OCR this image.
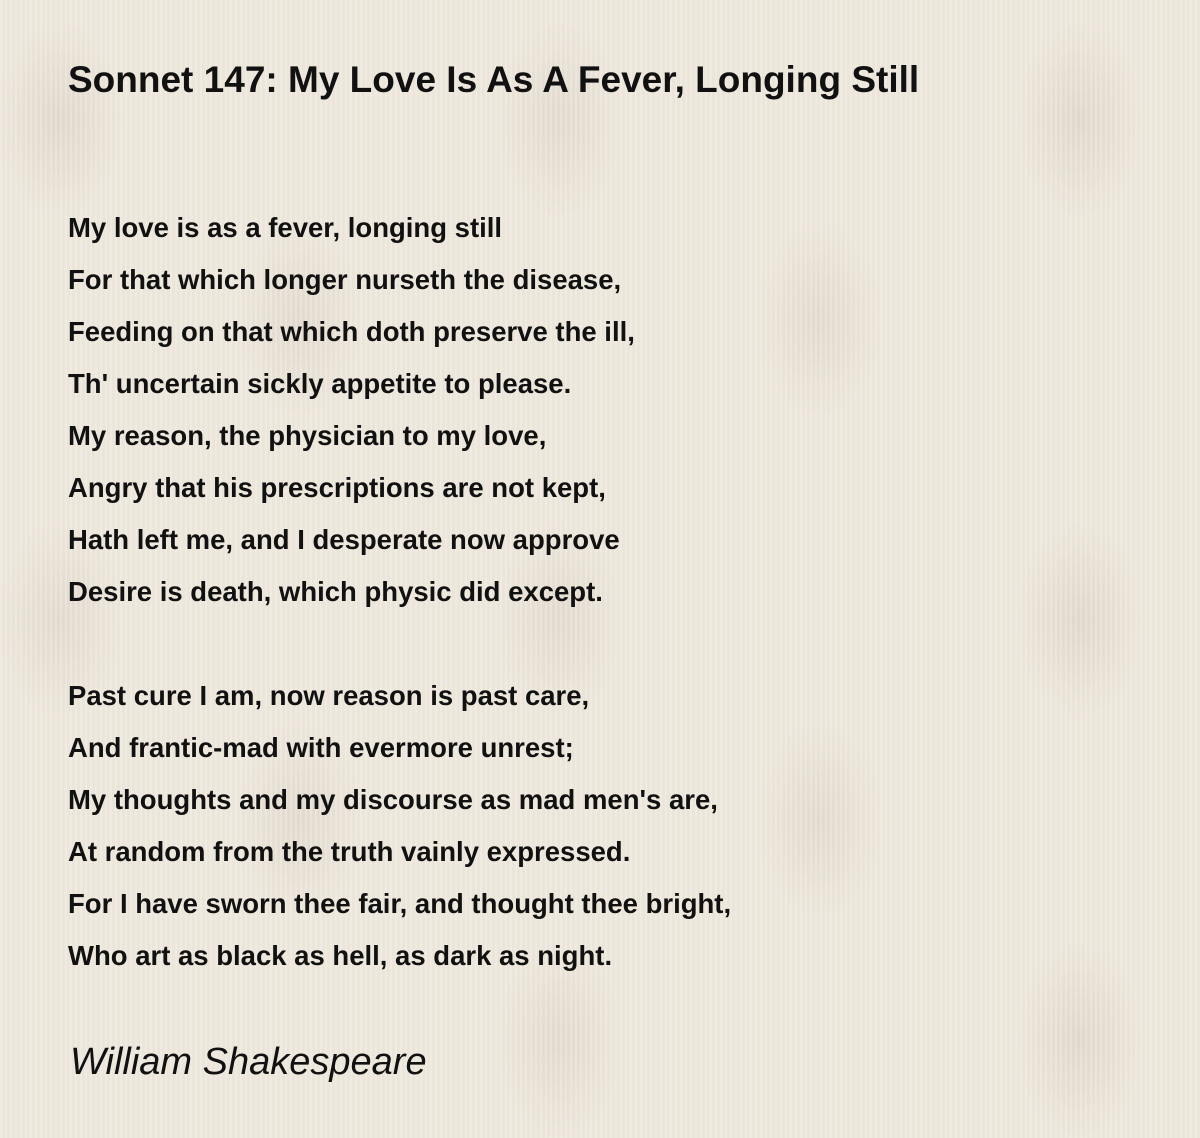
Sonnet 147: My Love Is As A Fever, Longing Still

My love is as a fever, longing still
For that which longer nurseth the disease,
Feeding on that which doth preserve the ill,
Th' uncertain sickly appetite to please.
My reason, the physician to my love,
Angry that his prescriptions are not kept,
Hath left me, and I desperate now approve
Desire is death, which physic did except.

Past cure I am, now reason is past care,
And frantic-mad with evermore unrest;
My thoughts and my discourse as mad men's are,
At random from the truth vainly expressed.
For I have sworn thee fair, and thought thee bright,
Who art as black as hell, as dark as night.

William Shakespeare
